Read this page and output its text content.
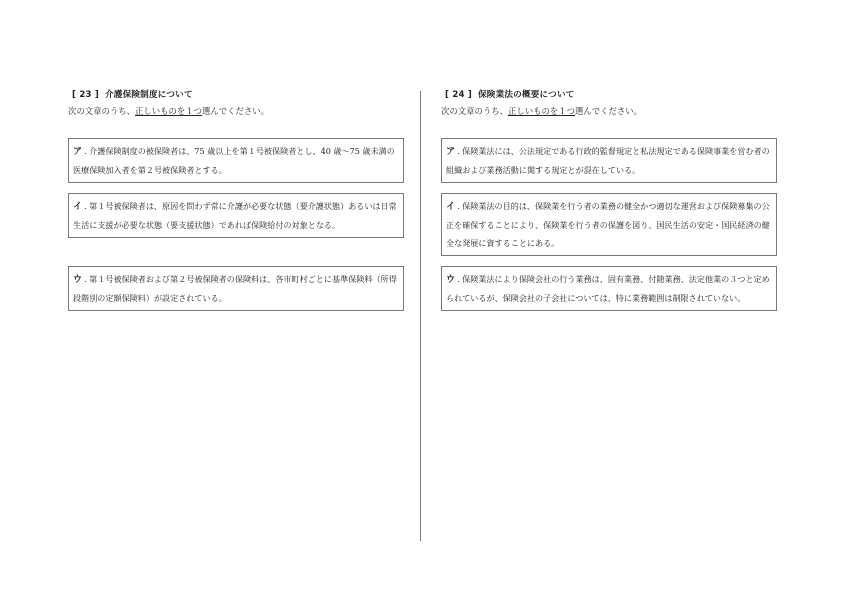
[ 23 ] 介護保険制度について
次の文章のうち、正しいものを１つ選んでください。
ア . 介護保険制度の被保険者は、75 歳以上を第１号被保険者とし、40 歳〜75 歳未満の医療保険加入者を第２号被保険者とする。
イ . 第１号被保険者は、原因を問わず常に介護が必要な状態（要介護状態）あるいは日常生活に支援が必要な状態（要支援状態）であれば保険給付の対象となる。
ウ . 第１号被保険者および第２号被保険者の保険料は、各市町村ごとに基準保険料（所得段階別の定額保険料）が設定されている。
[ 24 ] 保険業法の概要について
次の文章のうち、正しいものを１つ選んでください。
ア . 保険業法には、公法規定である行政的監督規定と私法規定である保険事業を営む者の組織および業務活動に関する規定とが混在している。
イ . 保険業法の目的は、保険業を行う者の業務の健全かつ適切な運営および保険募集の公正を確保することにより、保険業を行う者の保護を図り、国民生活の安定・国民経済の健全な発展に資することにある。
ウ . 保険業法により保険会社の行う業務は、固有業務、付随業務、法定他業の３つと定められているが、保険会社の子会社については、特に業務範囲は制限されていない。
